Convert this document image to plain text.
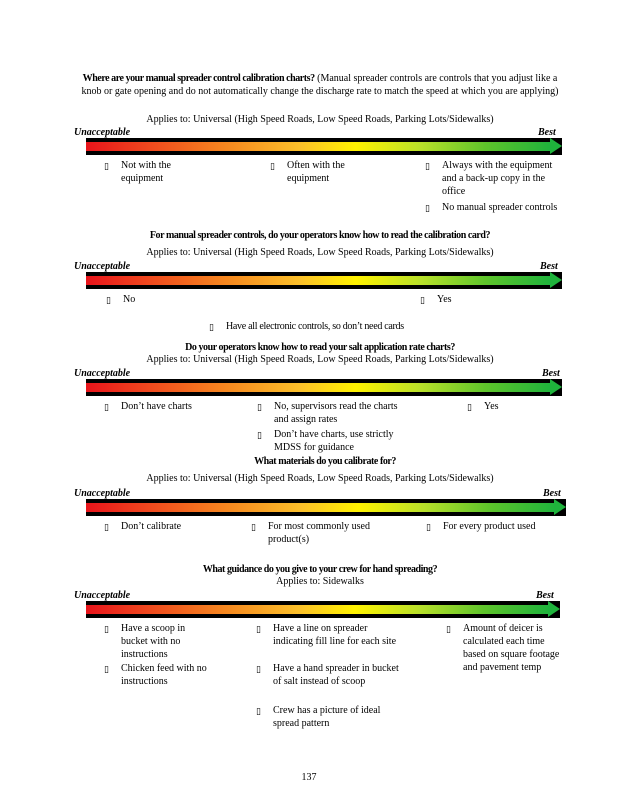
Where are your manual spreader control calibration charts? (Manual spreader controls are controls that you adjust like a knob or gate opening and do not automatically change the discharge rate to match the speed at which you are applying)
Applies to: Universal (High Speed Roads, Low Speed Roads, Parking Lots/Sidewalks)
Unacceptable	Best
▯ Not with the equipment
▯ Often with the equipment
▯ Always with the equipment and a back-up copy in the office
▯ No manual spreader controls
For manual spreader controls, do your operators know how to read the calibration card?
Applies to: Universal (High Speed Roads, Low Speed Roads, Parking Lots/Sidewalks)
Unacceptable	Best
▯ No	▯ Yes
▯ Have all electronic controls, so don’t need cards
Do your operators know how to read your salt application rate charts?
Applies to: Universal (High Speed Roads, Low Speed Roads, Parking Lots/Sidewalks)
Unacceptable	Best
▯ Don’t have charts	▯ No, supervisors read the charts and assign rates
▯ Don’t have charts, use strictly MDSS for guidance
▯ Yes
What materials do you calibrate for?
Applies to: Universal (High Speed Roads, Low Speed Roads, Parking Lots/Sidewalks)
Unacceptable	Best
▯ Don’t calibrate	▯ For most commonly used product(s)
▯ For every product used
What guidance do you give to your crew for hand spreading?
Applies to: Sidewalks
Unacceptable	Best
▯ Have a scoop in bucket with no instructions
▯ Chicken feed with no instructions
▯ Have a line on spreader indicating fill line for each site
▯ Have a hand spreader in bucket of salt instead of scoop
▯ Crew has a picture of ideal spread pattern
▯ Amount of deicer is calculated each time based on square footage and pavement temp
137
